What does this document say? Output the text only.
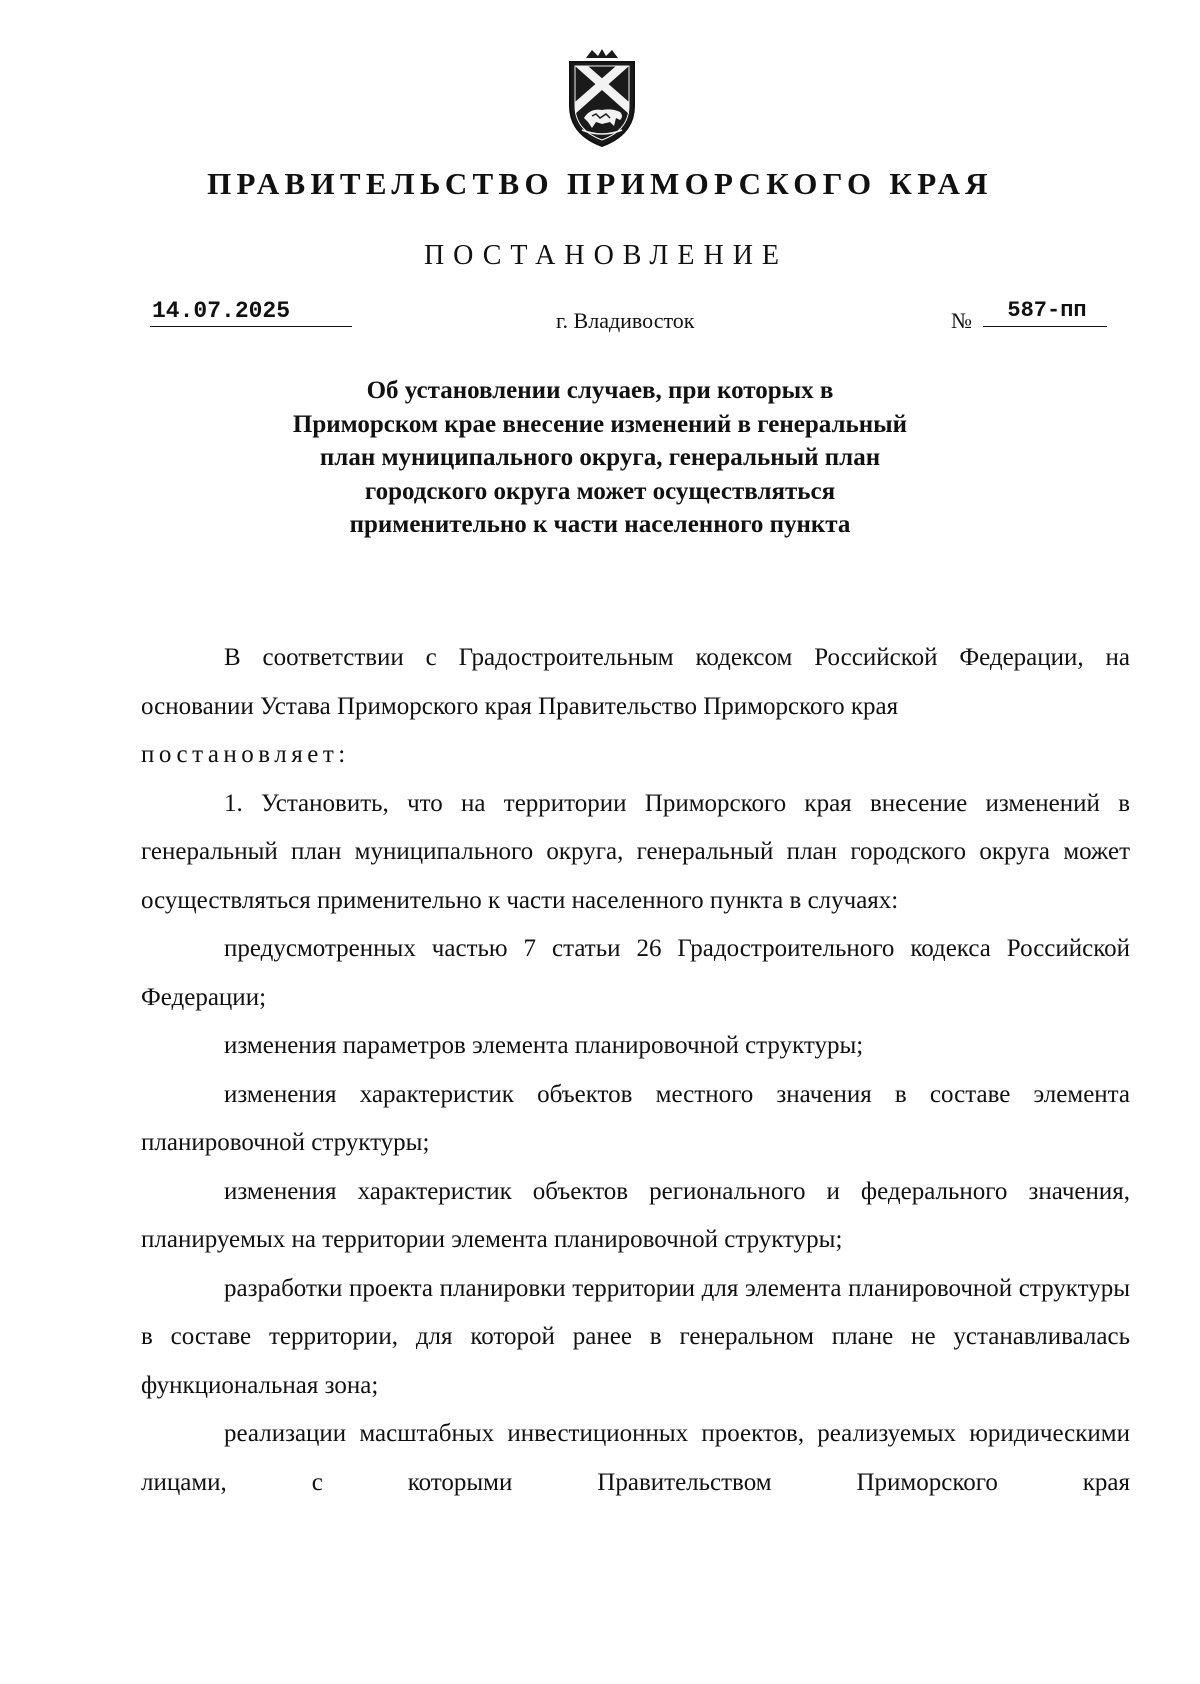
ПРАВИТЕЛЬСТВО ПРИМОРСКОГО КРАЯ
ПОСТАНОВЛЕНИЕ
14.07.2025	г. Владивосток	№	587-пп
Об установлении случаев, при которых в
Приморском крае внесение изменений в генеральный
план муниципального округа, генеральный план
городского округа может осуществляться
применительно к части населенного пункта

В соответствии с Градостроительным кодексом Российской Федерации, на основании Устава Приморского края Правительство Приморского края

постановляет:

1. Установить, что на территории Приморского края внесение изменений в генеральный план муниципального округа, генеральный план городского округа может осуществляться применительно к части населенного пункта в случаях:

предусмотренных частью 7 статьи 26 Градостроительного кодекса Российской Федерации;

изменения параметров элемента планировочной структуры;

изменения характеристик объектов местного значения в составе элемента планировочной структуры;

изменения характеристик объектов регионального и федерального значения, планируемых на территории элемента планировочной структуры;

разработки проекта планировки территории для элемента планировочной структуры в составе территории, для которой ранее в генеральном плане не устанавливалась функциональная зона;

реализации масштабных инвестиционных проектов, реализуемых юридическими лицами, с которыми Правительством Приморского края
